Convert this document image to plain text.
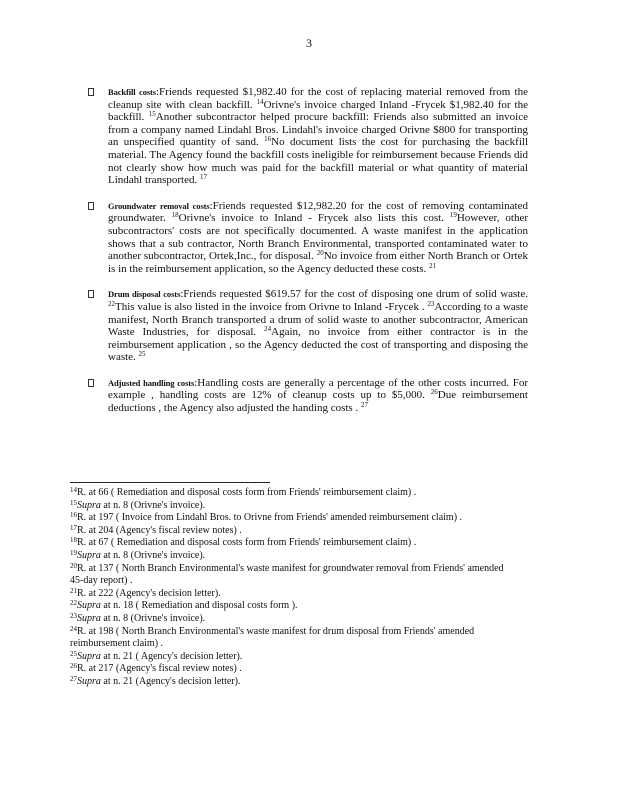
3
Backfill costs:Friends requested $1,982.40 for the cost of replacing material removed from the cleanup site with clean backfill. $^{14}$Orivne's invoice charged Inland -Frycek $1,982.40 for the backfill. $^{15}$Another subcontractor helped procure backfill: Friends also submitted an invoice from a company named Lindahl Bros. Lindahl's invoice charged Orivne $800 for transporting an unspecified quantity of sand. $^{16}$No document lists the cost for purchasing the backfill material. The Agency found the backfill costs ineligible for reimbursement because Friends did not clearly show how much was paid for the backfill material or what quantity of material Lindahl transported. $^{17}$
Groundwater removal costs:Friends requested $12,982.20 for the cost of removing contaminated groundwater. $^{18}$Orivne's invoice to Inland - Frycek also lists this cost. $^{19}$However, other subcontractors' costs are not specifically documented. A waste manifest in the application shows that a sub contractor, North Branch Environmental, transported contaminated water to another subcontractor, Ortek,Inc., for disposal. $^{20}$No invoice from either North Branch or Ortek is in the reimbursement application, so the Agency deducted these costs. $^{21}$
Drum disposal costs:Friends requested $619.57 for the cost of disposing one drum of solid waste. $^{22}$This value is also listed in the invoice from Orivne to Inland -Frycek . $^{23}$According to a waste manifest, North Branch transported a drum of solid waste to another subcontractor, American Waste Industries, for disposal. $^{24}$Again, no invoice from either contractor is in the reimbursement application , so the Agency deducted the cost of transporting and disposing the waste. $^{25}$
Adjusted handling costs:Handling costs are generally a percentage of the other costs incurred. For example , handling costs are 12% of cleanup costs up to $5,000. $^{26}$Due reimbursement deductions , the Agency also adjusted the handing costs . $^{27}$

$^{14}$R. at 66 ( Remediation and disposal costs form from Friends' reimbursement claim) .

$^{15}$Supra at n. 8 (Orivne's invoice).

$^{16}$R. at 197 ( Invoice from Lindahl Bros. to Orivne from Friends' amended reimbursement claim) .

$^{17}$R. at 204 (Agency's fiscal review notes) .

$^{18}$R. at 67 ( Remediation and disposal costs form from Friends' reimbursement claim) .

$^{19}$Supra at n. 8 (Orivne's invoice).

$^{20}$R. at 137 ( North Branch Environmental's waste manifest for groundwater removal from Friends' amended 45-day report) .

$^{21}$R. at 222 (Agency's decision letter).

$^{22}$Supra at n. 18 ( Remediation and disposal costs form ).

$^{23}$Supra at n. 8 (Orivne's invoice).

$^{24}$R. at 198 ( North Branch Environmental's waste manifest for drum disposal from Friends' amended reimbursement claim) .

$^{25}$Supra at n. 21 ( Agency's decision letter).

$^{26}$R. at 217 (Agency's fiscal review notes) .

$^{27}$Supra at n. 21 (Agency's decision letter).
